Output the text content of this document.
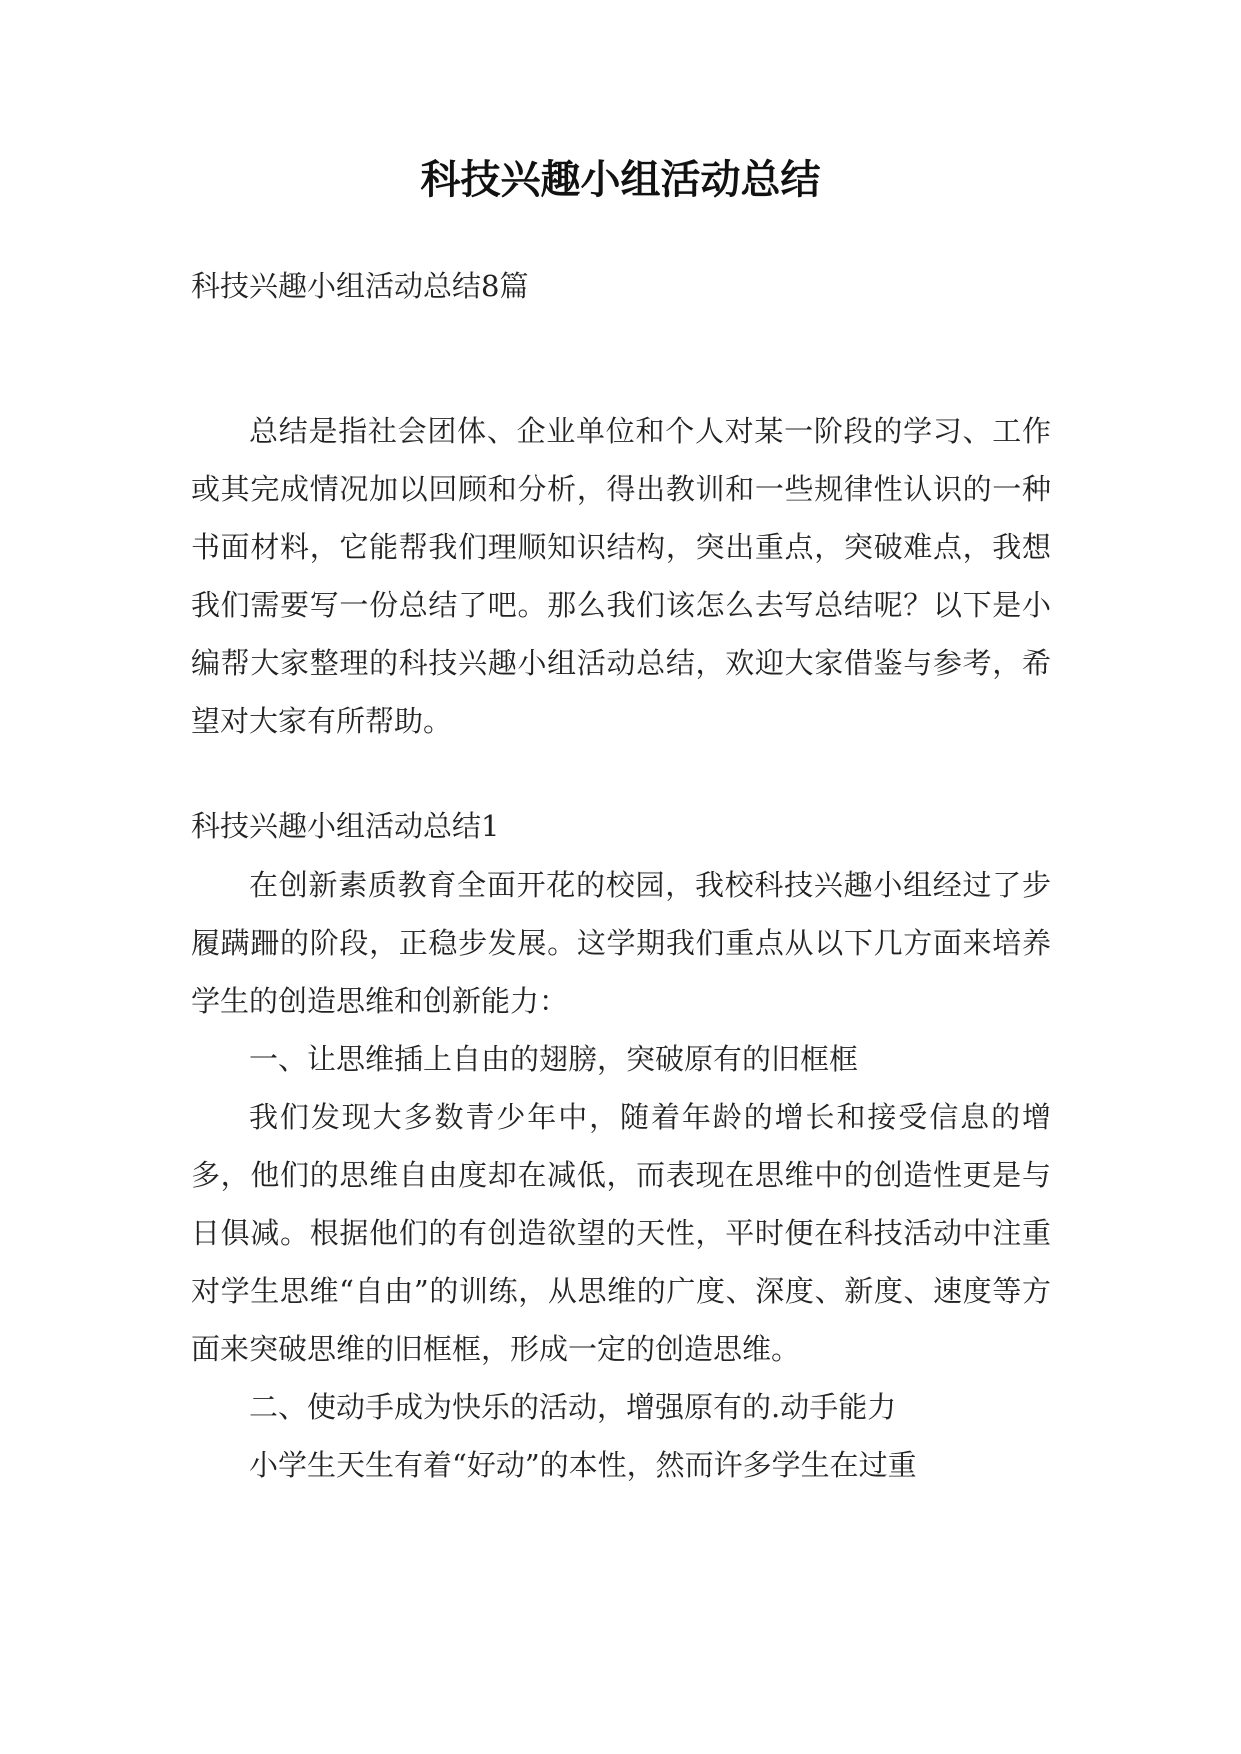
科技兴趣小组活动总结
科技兴趣小组活动总结8篇

总结是指社会团体、企业单位和个人对某一阶段的学习、工作或其完成情况加以回顾和分析，得出教训和一些规律性认识的一种书面材料，它能帮我们理顺知识结构，突出重点，突破难点，我想我们需要写一份总结了吧。那么我们该怎么去写总结呢？以下是小编帮大家整理的科技兴趣小组活动总结，欢迎大家借鉴与参考，希望对大家有所帮助。

科技兴趣小组活动总结1

在创新素质教育全面开花的校园，我校科技兴趣小组经过了步履蹒跚的阶段，正稳步发展。这学期我们重点从以下几方面来培养学生的创造思维和创新能力：

一、让思维插上自由的翅膀，突破原有的旧框框

我们发现大多数青少年中，随着年龄的增长和接受信息的增多，他们的思维自由度却在减低，而表现在思维中的创造性更是与日俱减。根据他们的有创造欲望的天性，平时便在科技活动中注重对学生思维“自由”的训练，从思维的广度、深度、新度、速度等方面来突破思维的旧框框，形成一定的创造思维。

二、使动手成为快乐的活动，增强原有的.动手能力

小学生天生有着“好动”的本性，然而许多学生在过重
